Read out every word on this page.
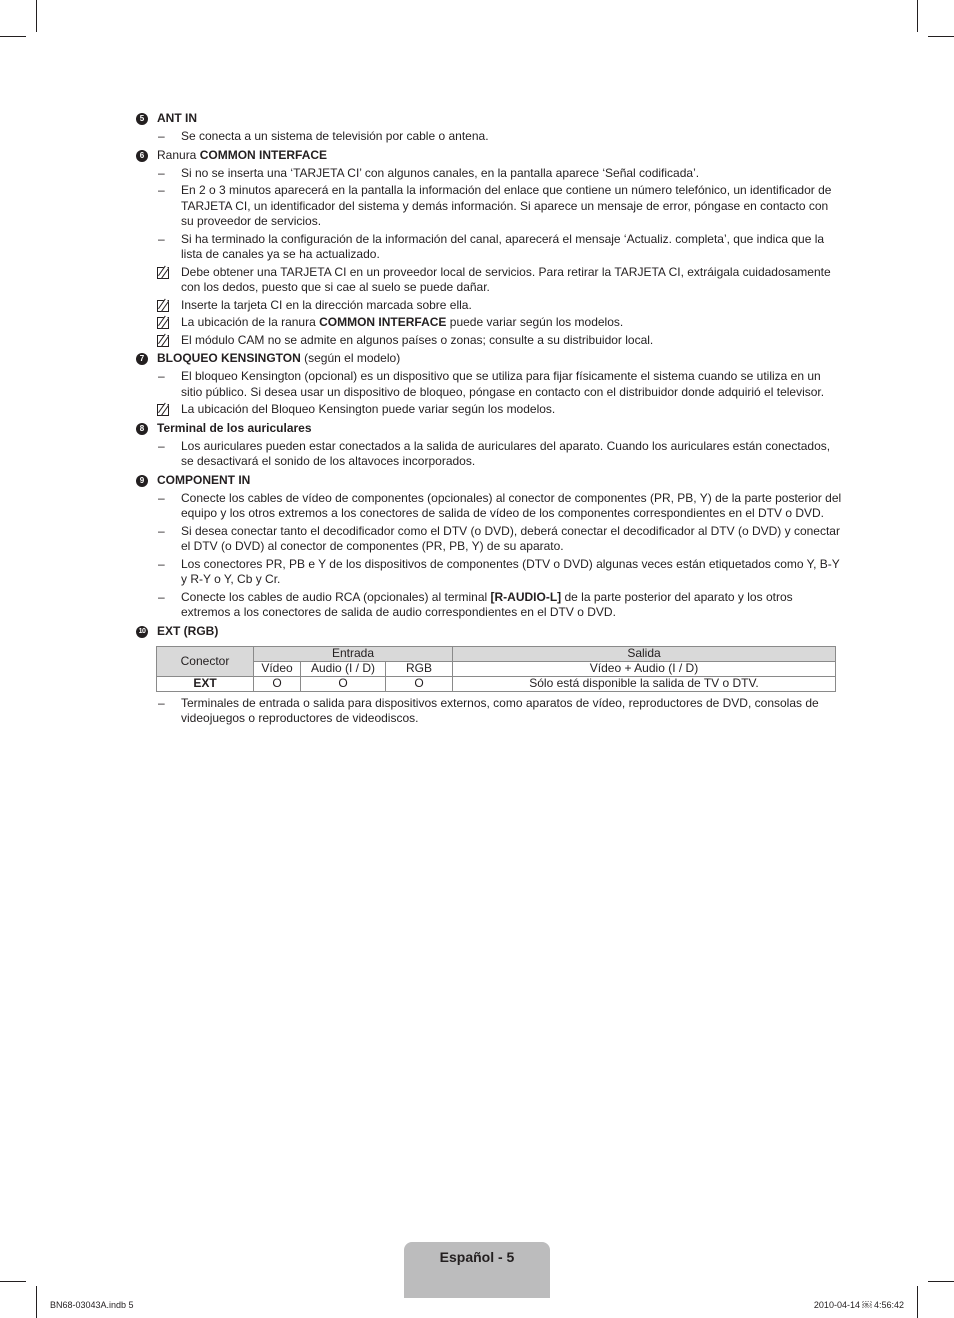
5	ANT IN
–	Se conecta a un sistema de televisión por cable o antena.
6	Ranura COMMON INTERFACE
–	Si no se inserta una ‘TARJETA CI’ con algunos canales, en la pantalla aparece ‘Señal codificada’.
–	En 2 o 3 minutos aparecerá en la pantalla la información del enlace que contiene un número telefónico, un identificador de TARJETA CI, un identificador del sistema y demás información. Si aparece un mensaje de error, póngase en contacto con su proveedor de servicios.
–	Si ha terminado la configuración de la información del canal, aparecerá el mensaje ‘Actualiz. completa’, que indica que la lista de canales ya se ha actualizado.
Debe obtener una TARJETA CI en un proveedor local de servicios. Para retirar la TARJETA CI, extráigala cuidadosamente con los dedos, puesto que si cae al suelo se puede dañar.
Inserte la tarjeta CI en la dirección marcada sobre ella.
La ubicación de la ranura COMMON INTERFACE puede variar según los modelos.
El módulo CAM no se admite en algunos países o zonas; consulte a su distribuidor local.
7	BLOQUEO KENSINGTON (según el modelo)
–	El bloqueo Kensington (opcional) es un dispositivo que se utiliza para fijar físicamente el sistema cuando se utiliza en un sitio público. Si desea usar un dispositivo de bloqueo, póngase en contacto con el distribuidor donde adquirió el televisor.
La ubicación del Bloqueo Kensington puede variar según los modelos.
8	Terminal de los auriculares
–	Los auriculares pueden estar conectados a la salida de auriculares del aparato. Cuando los auriculares están conectados, se desactivará el sonido de los altavoces incorporados.
9	COMPONENT IN
–	Conecte los cables de vídeo de componentes (opcionales) al conector de componentes (PR, PB, Y) de la parte posterior del equipo y los otros extremos a los conectores de salida de vídeo de los componentes correspondientes en el DTV o DVD.
–	Si desea conectar tanto el decodificador como el DTV (o DVD), deberá conectar el decodificador al DTV (o DVD) y conectar el DTV (o DVD) al conector de componentes (PR, PB, Y) de su aparato.
–	Los conectores PR, PB e Y de los dispositivos de componentes (DTV o DVD) algunas veces están etiquetados como Y, B-Y y R-Y o Y, Cb y Cr.
–	Conecte los cables de audio RCA (opcionales) al terminal [R-AUDIO-L] de la parte posterior del aparato y los otros extremos a los conectores de salida de audio correspondientes en el DTV o DVD.
10 EXT (RGB)
Conector	Entrada			Salida
	Vídeo	Audio (I / D)	RGB	Vídeo + Audio (I / D)
EXT	O	O	O	Sólo está disponible la salida de TV o DTV.
–	Terminales de entrada o salida para dispositivos externos, como aparatos de vídeo, reproductores de DVD, consolas de videojuegos o reproductores de videodiscos.
Español - 5
BN68-03043A.indb 5	2010-04-14 ￼ 4:56:42
